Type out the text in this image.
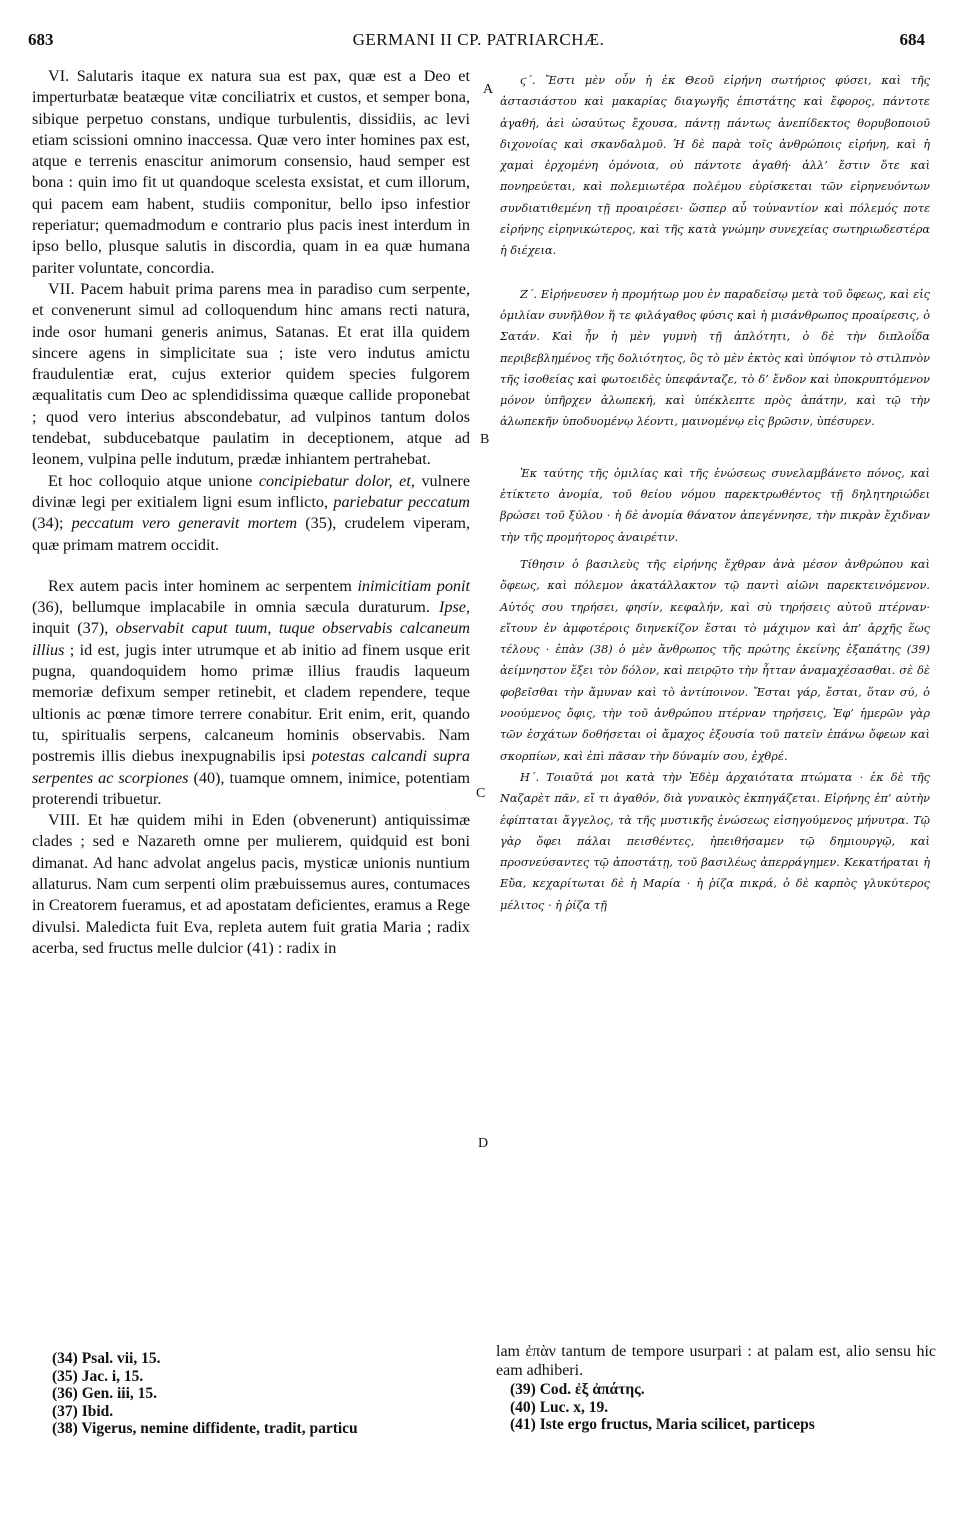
683	GERMANI II CP. PATRIARCHÆ.	684
A
B
C
D

VI. Salutaris itaque ex natura sua est pax, quæ est a Deo et imperturbatæ beatæque vitæ conciliatrix et custos, et semper bona, sibique perpetuo constans, undique turbulentis, dissidiis, ac levi etiam scissioni omnino inaccessa. Quæ vero inter homines pax est, atque e terrenis enascitur animorum consensio, haud semper est bona : quin imo fit ut quandoque scelesta exsistat, et cum illorum, qui pacem eam habent, studiis componitur, bello ipso infestior reperiatur; quemadmodum e contrario plus pacis inest interdum in ipso bello, plusque salutis in discordia, quam in ea quæ humana pariter voluntate, concordia.

VII. Pacem habuit prima parens mea in paradiso cum serpente, et convenerunt simul ad colloquendum hinc amans recti natura, inde osor humani generis animus, Satanas. Et erat illa quidem sincere agens in simplicitate sua ; iste vero indutus amictu fraudulentiæ erat, cujus exterior quidem species fulgorem æqualitatis cum Deo ac splendidissima quæque callide proponebat ; quod vero interius abscondebatur, ad vulpinos tantum dolos tendebat, subducebatque paulatim in deceptionem, atque ad leonem, vulpina pelle indutum, prædæ inhiantem pertrahebat.

Et hoc colloquio atque unione concipiebatur dolor, et, vulnere divinæ legi per exitialem ligni esum inflicto, pariebatur peccatum (34); peccatum vero generavit mortem (35), crudelem viperam, quæ primam matrem occidit.

Rex autem pacis inter hominem ac serpentem inimicitiam ponit (36), bellumque implacabile in omnia sæcula duraturum. Ipse, inquit (37), observabit caput tuum, tuque observabis calcaneum illius ; id est, jugis inter utrumque et ab initio ad finem usque erit pugna, quandoquidem homo primæ illius fraudis laqueum memoriæ defixum semper retinebit, et cladem rependere, teque ultionis ac pœnæ timore terrere conabitur. Erit enim, erit, quando tu, spiritualis serpens, calcaneum hominis observabis. Nam postremis illis diebus inexpugnabilis ipsi potestas calcandi supra serpentes ac scorpiones (40), tuamque omnem, inimice, potentiam proterendi tribuetur.

VIII. Et hæ quidem mihi in Eden (obvenerunt) antiquissimæ clades ; sed e Nazareth omne per mulierem, quidquid est boni dimanat. Ad hanc advolat angelus pacis, mysticæ unionis nuntium allaturus. Nam cum serpenti olim præbuissemus aures, contumaces in Creatorem fueramus, et ad apostatam deficientes, eramus a Rege divulsi. Maledicta fuit Eva, repleta autem fuit gratia Maria ; radix acerba, sed fructus melle dulcior (41) : radix in

ϛ΄. Ἔστι μὲν οὖν ἡ ἐκ Θεοῦ εἰρήνη σωτήριος φύσει, καὶ τῆς ἀστασιάστου καὶ μακαρίας διαγωγῆς ἐπιστάτης καὶ ἔφορος, πάντοτε ἀγαθή, ἀεὶ ὡσαύτως ἔχουσα, πάντῃ πάντως ἀνεπίδεκτος θορυβοποιοῦ διχονοίας καὶ σκανδαλμοῦ. Ἡ δὲ παρὰ τοῖς ἀνθρώποις εἰρήνη, καὶ ἡ χαμαὶ ἐρχομένη ὁμόνοια, οὐ πάντοτε ἀγαθή· ἀλλ’ ἔστιν ὅτε καὶ πονηρεύεται, καὶ πολεμιωτέρα πολέμου εὑρίσκεται τῶν εἰρηνευόντων συνδιατιθεμένη τῇ προαιρέσει· ὥσπερ αὖ τοὐναντίον καὶ πόλεμός ποτε εἰρήνης εἰρηνικώτερος, καὶ τῆς κατὰ γνώμην συνεχείας σωτηριωδεστέρα ἡ διέχεια.

Ζ΄. Εἰρήνευσεν ἡ προμήτωρ μου ἐν παραδείσῳ μετὰ τοῦ ὄφεως, καὶ εἰς ὁμιλίαν συνῆλθον ἥ τε φιλάγαθος φύσις καὶ ἡ μισάνθρωπος προαίρεσις, ὁ Σατάν. Καὶ ἦν ἡ μὲν γυμνὴ τῇ ἁπλότητι, ὁ δὲ τὴν διπλοΐδα περιβεβλημένος τῆς δολιότητος, ὃς τὸ μὲν ἐκτὸς καὶ ὑπόψιον τὸ στιλπνὸν τῆς ἰσοθείας καὶ φωτοειδὲς ὑπεφάνταζε, τὸ δ’ ἔνδον καὶ ὑποκρυπτόμενον μόνον ὑπῆρχεν ἀλωπεκή, καὶ ὑπέκλεπτε πρὸς ἀπάτην, καὶ τῷ τὴν ἀλωπεκῆν ὑποδυομένῳ λέοντι, μαινομένῳ εἰς βρῶσιν, ὑπέσυρεν.

Ἐκ ταύτης τῆς ὁμιλίας καὶ τῆς ἑνώσεως συνελαμβάνετο πόνος, καὶ ἐτίκτετο ἀνομία, τοῦ θείου νόμου παρεκτρωθέντος τῇ δηλητηριώδει βρώσει τοῦ ξύλου · ἡ δὲ ἀνομία θάνατον ἀπεγέννησε, τὴν πικρὰν ἔχιδναν τὴν τῆς προμήτορος ἀναιρέτιν.

Τίθησιν ὁ βασιλεὺς τῆς εἰρήνης ἔχθραν ἀνὰ μέσον ἀνθρώπου καὶ ὄφεως, καὶ πόλεμον ἀκατάλλακτον τῷ παντὶ αἰῶνι παρεκτεινόμενον. Αὐτός σου τηρήσει, φησίν, κεφαλήν, καὶ σὺ τηρήσεις αὐτοῦ πτέρναν· εἴτουν ἐν ἀμφοτέροις διηνεκίζον ἔσται τὸ μάχιμον καὶ ἀπ’ ἀρχῆς ἕως τέλους · ἐπὰν (38) ὁ μὲν ἄνθρωπος τῆς πρώτης ἐκείνης ἐξαπάτης (39) ἀείμνηστον ἕξει τὸν δόλον, καὶ πειρῷτο τὴν ἧτταν ἀναμαχέσασθαι. σὲ δὲ φοβεῖσθαι τὴν ἄμυναν καὶ τὸ ἀντίποινον. Ἔσται γάρ, ἔσται, ὅταν σύ, ὁ νοούμενος ὄφις, τὴν τοῦ ἀνθρώπου πτέρναν τηρήσεις, Ἐφ’ ἡμερῶν γὰρ τῶν ἐσχάτων δοθήσεται οἱ ἄμαχος ἐξουσία τοῦ πατεῖν ἐπάνω ὄφεων καὶ σκορπίων, καὶ ἐπὶ πᾶσαν τὴν δύναμίν σου, ἐχθρέ.

Η΄. Τοιαῦτά μοι κατὰ τὴν Ἐδὲμ ἀρχαιότατα πτώματα · ἐκ δὲ τῆς Ναζαρὲτ πᾶν, εἴ τι ἀγαθόν, διὰ γυναικὸς ἐκπηγάζεται. Εἰρήνης ἐπ’ αὐτὴν ἐφίπταται ἄγγελος, τὰ τῆς μυστικῆς ἑνώσεως εἰσηγούμενος μήνυτρα. Τῷ γὰρ ὄφει πάλαι πεισθέντες, ἠπειθήσαμεν τῷ δημιουργῷ, καὶ προσνεύσαντες τῷ ἀποστάτῃ, τοῦ βασιλέως ἀπερράγημεν. Κεκατήραται ἡ Εὔα, κεχαρίτωται δὲ ἡ Μαρία · ἡ ῥίζα πικρά, ὁ δὲ καρπὸς γλυκύτερος μέλιτος · ἡ ῥίζα τῇ

(34) Psal. vii, 15.
(35) Jac. i, 15.
(36) Gen. iii, 15.
(37) Ibid.
(38) Vigerus, nemine diffidente, tradit, particu
lam ἐπὰν tantum de tempore usurpari : at palam est, alio sensu hic eam adhiberi.
(39) Cod. ἐξ ἀπάτης.
(40) Luc. x, 19.
(41) Iste ergo fructus, Maria scilicet, particeps
